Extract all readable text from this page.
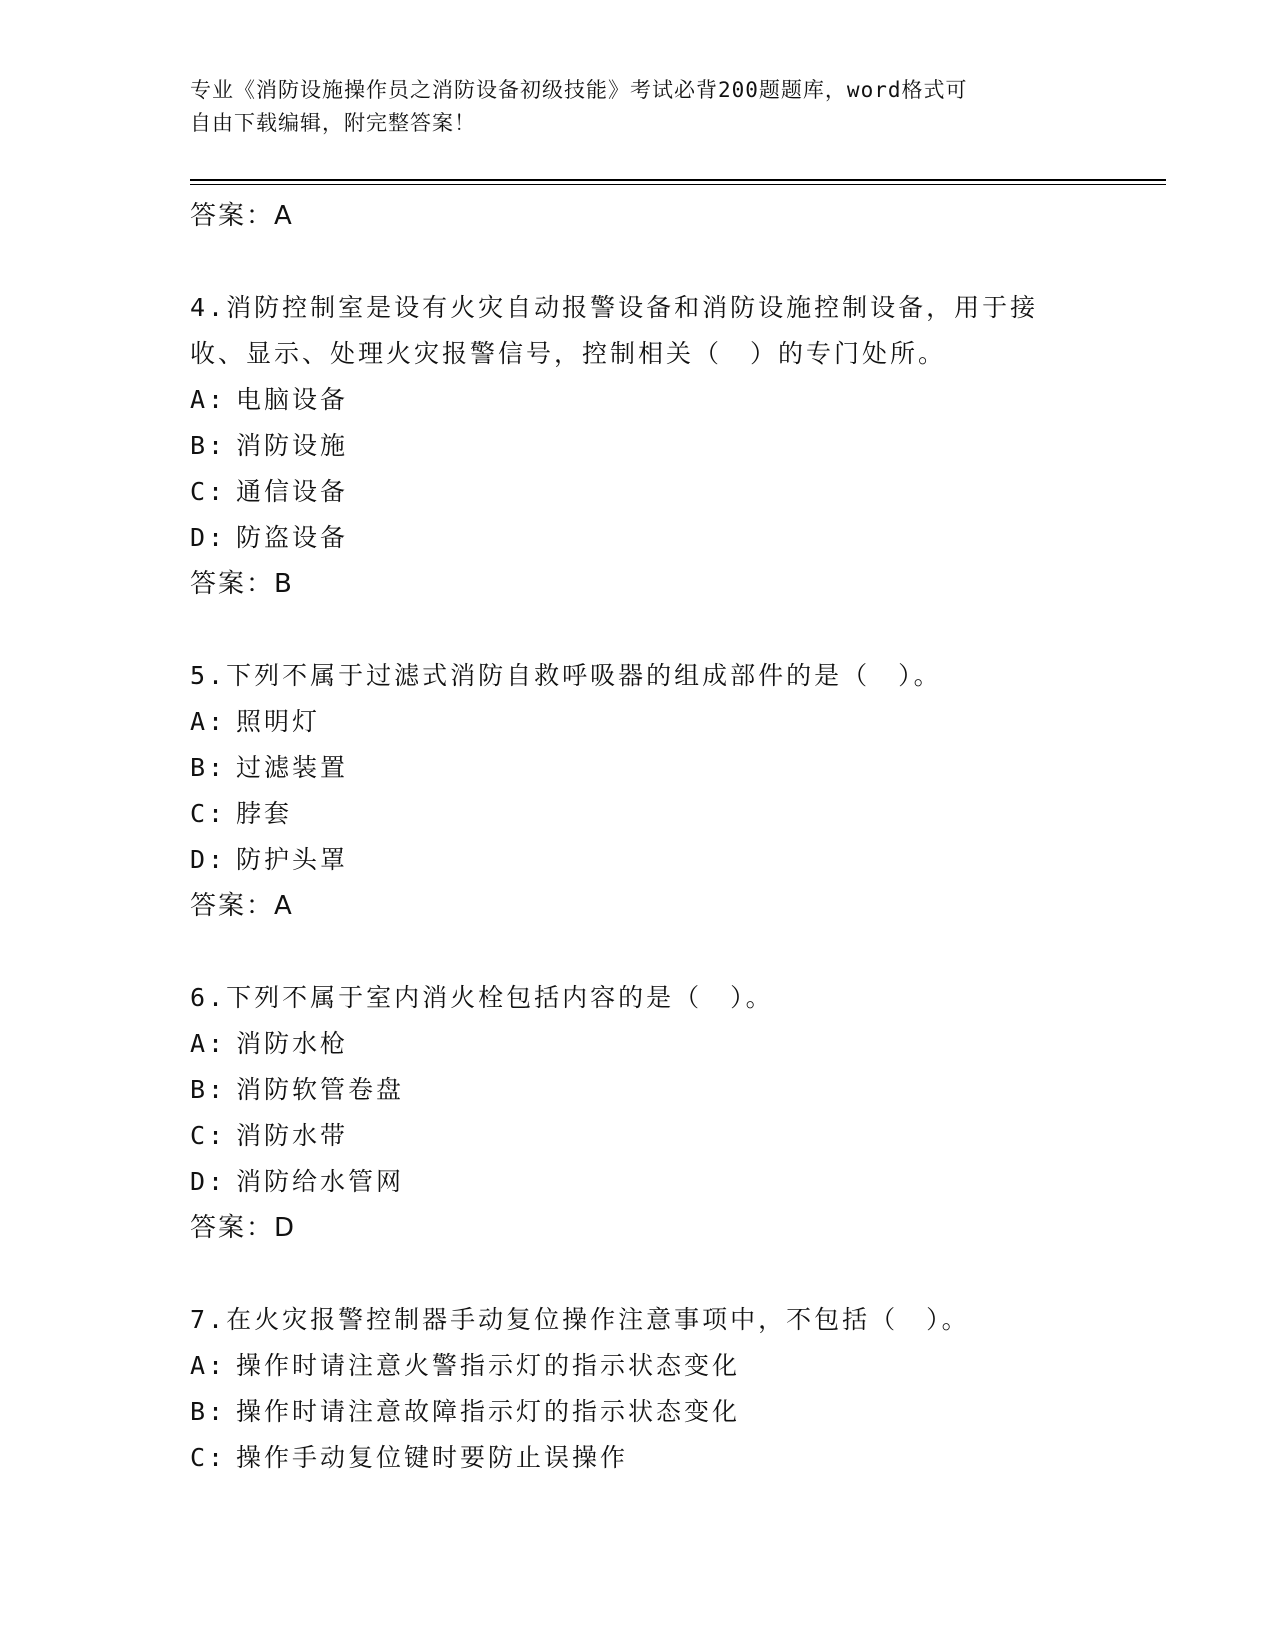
专业《消防设施操作员之消防设备初级技能》考试必背200题题库，word格式可
自由下载编辑，附完整答案！
答案：A
4.消防控制室是设有火灾自动报警设备和消防设施控制设备，用于接
收、显示、处理火灾报警信号，控制相关（　）的专门处所。
A: 电脑设备
B: 消防设施
C: 通信设备
D: 防盗设备
答案：B
5.下列不属于过滤式消防自救呼吸器的组成部件的是（　）。
A: 照明灯
B: 过滤装置
C: 脖套
D: 防护头罩
答案：A
6.下列不属于室内消火栓包括内容的是（　）。
A: 消防水枪
B: 消防软管卷盘
C: 消防水带
D: 消防给水管网
答案：D
7.在火灾报警控制器手动复位操作注意事项中，不包括（　）。
A: 操作时请注意火警指示灯的指示状态变化
B: 操作时请注意故障指示灯的指示状态变化
C: 操作手动复位键时要防止误操作
